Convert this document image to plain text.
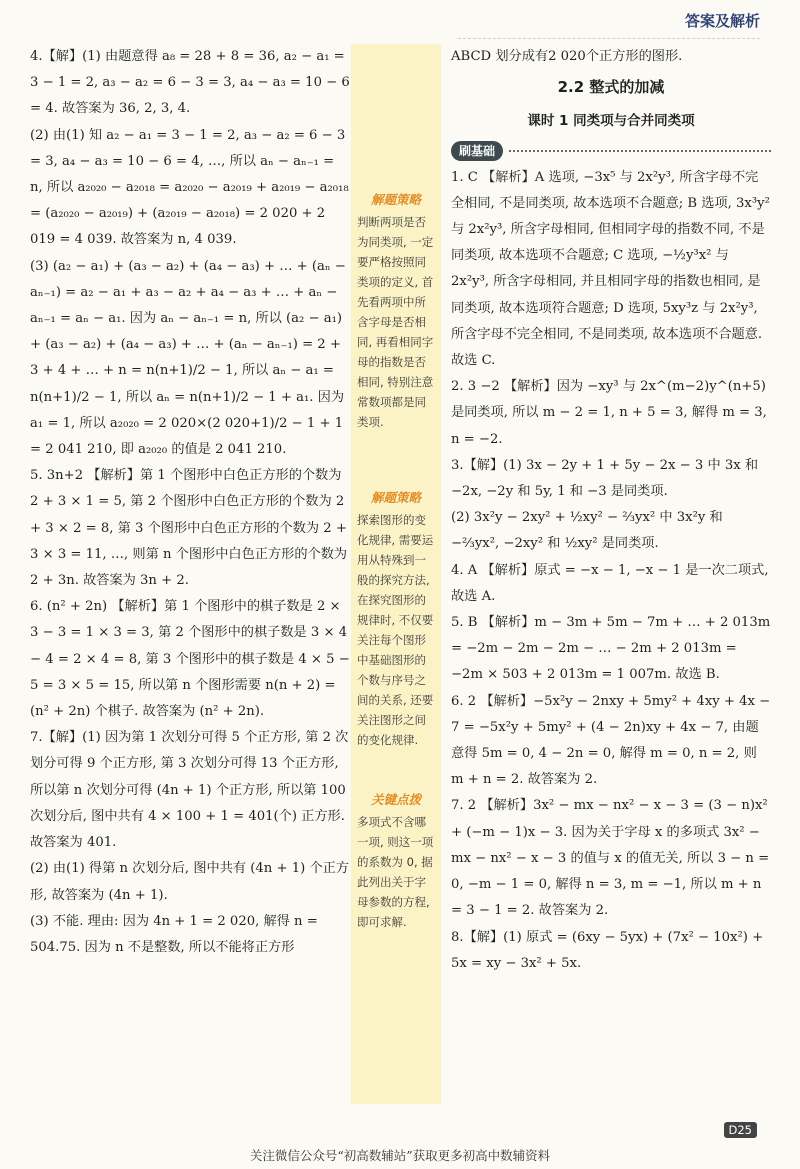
答案及解析

4.【解】(1) 由题意得 a₈ = 28 + 8 = 36, a₂ − a₁ = 3 − 1 = 2, a₃ − a₂ = 6 − 3 = 3, a₄ − a₃ = 10 − 6 = 4. 故答案为 36, 2, 3, 4.

(2) 由(1) 知 a₂ − a₁ = 3 − 1 = 2, a₃ − a₂ = 6 − 3 = 3, a₄ − a₃ = 10 − 6 = 4, …, 所以 aₙ − aₙ₋₁ = n, 所以 a₂₀₂₀ − a₂₀₁₈ = a₂₀₂₀ − a₂₀₁₉ + a₂₀₁₉ − a₂₀₁₈ = (a₂₀₂₀ − a₂₀₁₉) + (a₂₀₁₉ − a₂₀₁₈) = 2 020 + 2 019 = 4 039. 故答案为 n, 4 039.

(3) (a₂ − a₁) + (a₃ − a₂) + (a₄ − a₃) + … + (aₙ − aₙ₋₁) = a₂ − a₁ + a₃ − a₂ + a₄ − a₃ + … + aₙ − aₙ₋₁ = aₙ − a₁. 因为 aₙ − aₙ₋₁ = n, 所以 (a₂ − a₁) + (a₃ − a₂) + (a₄ − a₃) + … + (aₙ − aₙ₋₁) = 2 + 3 + 4 + … + n = n(n+1)/2 − 1, 所以 aₙ − a₁ = n(n+1)/2 − 1, 所以 aₙ = n(n+1)/2 − 1 + a₁. 因为 a₁ = 1, 所以 a₂₀₂₀ = 2 020×(2 020+1)/2 − 1 + 1 = 2 041 210, 即 a₂₀₂₀ 的值是 2 041 210.

5. 3n+2 【解析】第 1 个图形中白色正方形的个数为 2 + 3 × 1 = 5, 第 2 个图形中白色正方形的个数为 2 + 3 × 2 = 8, 第 3 个图形中白色正方形的个数为 2 + 3 × 3 = 11, …, 则第 n 个图形中白色正方形的个数为 2 + 3n. 故答案为 3n + 2.

6. (n² + 2n) 【解析】第 1 个图形中的棋子数是 2 × 3 − 3 = 1 × 3 = 3, 第 2 个图形中的棋子数是 3 × 4 − 4 = 2 × 4 = 8, 第 3 个图形中的棋子数是 4 × 5 − 5 = 3 × 5 = 15, 所以第 n 个图形需要 n(n + 2) = (n² + 2n) 个棋子. 故答案为 (n² + 2n).

7.【解】(1) 因为第 1 次划分可得 5 个正方形, 第 2 次划分可得 9 个正方形, 第 3 次划分可得 13 个正方形, 所以第 n 次划分可得 (4n + 1) 个正方形, 所以第 100 次划分后, 图中共有 4 × 100 + 1 = 401(个) 正方形. 故答案为 401.

(2) 由(1) 得第 n 次划分后, 图中共有 (4n + 1) 个正方形, 故答案为 (4n + 1).

(3) 不能. 理由: 因为 4n + 1 = 2 020, 解得 n = 504.75. 因为 n 不是整数, 所以不能将正方形

解题策略
判断两项是否为同类项, 一定要严格按照同类项的定义, 首先看两项中所含字母是否相同, 再看相同字母的指数是否相同, 特别注意常数项都是同类项.
解题策略
探索图形的变化规律, 需要运用从特殊到一般的探究方法, 在探究图形的规律时, 不仅要关注每个图形中基础图形的个数与序号之间的关系, 还要关注图形之间的变化规律.
关键点拨
多项式不含哪一项, 则这一项的系数为 0, 据此列出关于字母参数的方程, 即可求解.

ABCD 划分成有2 020个正方形的图形.

2.2 整式的加减
课时 1 同类项与合并同类项
刷基础

1. C 【解析】A 选项, −3x⁵ 与 2x²y³, 所含字母不完全相同, 不是同类项, 故本选项不合题意; B 选项, 3x³y² 与 2x²y³, 所含字母相同, 但相同字母的指数不同, 不是同类项, 故本选项不合题意; C 选项, −½y³x² 与 2x²y³, 所含字母相同, 并且相同字母的指数也相同, 是同类项, 故本选项符合题意; D 选项, 5xy³z 与 2x²y³, 所含字母不完全相同, 不是同类项, 故本选项不合题意. 故选 C.

2. 3 −2 【解析】因为 −xy³ 与 2x^(m−2)y^(n+5) 是同类项, 所以 m − 2 = 1, n + 5 = 3, 解得 m = 3, n = −2.

3.【解】(1) 3x − 2y + 1 + 5y − 2x − 3 中 3x 和 −2x, −2y 和 5y, 1 和 −3 是同类项.

(2) 3x²y − 2xy² + ½xy² − ⅔yx² 中 3x²y 和 −⅔yx², −2xy² 和 ½xy² 是同类项.

4. A 【解析】原式 = −x − 1, −x − 1 是一次二项式, 故选 A.

5. B 【解析】m − 3m + 5m − 7m + … + 2 013m = −2m − 2m − 2m − … − 2m + 2 013m = −2m × 503 + 2 013m = 1 007m. 故选 B.

6. 2 【解析】−5x²y − 2nxy + 5my² + 4xy + 4x − 7 = −5x²y + 5my² + (4 − 2n)xy + 4x − 7, 由题意得 5m = 0, 4 − 2n = 0, 解得 m = 0, n = 2, 则 m + n = 2. 故答案为 2.

7. 2 【解析】3x² − mx − nx² − x − 3 = (3 − n)x² + (−m − 1)x − 3. 因为关于字母 x 的多项式 3x² − mx − nx² − x − 3 的值与 x 的值无关, 所以 3 − n = 0, −m − 1 = 0, 解得 n = 3, m = −1, 所以 m + n = 3 − 1 = 2. 故答案为 2.

8.【解】(1) 原式 = (6xy − 5yx) + (7x² − 10x²) + 5x = xy − 3x² + 5x.

D25
关注微信公众号“初高数辅站”获取更多初高中数辅资料
